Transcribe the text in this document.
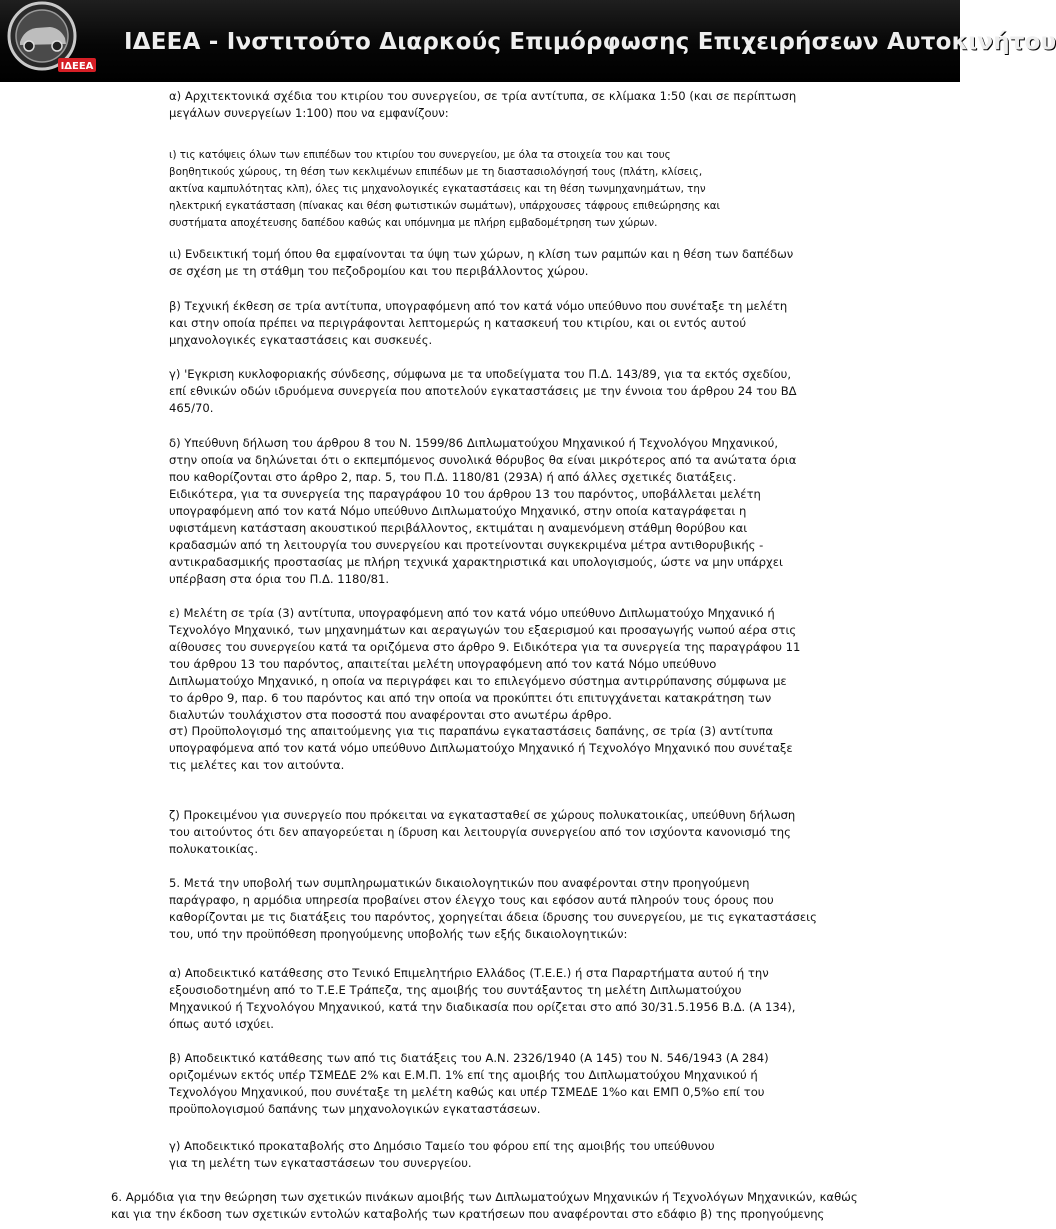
ΙΔΕΕΑ
ΙΔΕΕΑ - Ινστιτούτο Διαρκούς Επιμόρφωσης Επιχειρήσεων Αυτοκινήτου
α) Αρχιτεκτονικά σχέδια του κτιρίου του συνεργείου, σε τρία αντίτυπα, σε κλίμακα 1:50 (και σε περίπτωση
μεγάλων συνεργείων 1:100) που να εμφανίζουν:
ι) τις κατόψεις όλων των επιπέδων του κτιρίου του συνεργείου, με όλα τα στοιχεία του και τους
βοηθητικούς χώρους, τη θέση των κεκλιμένων επιπέδων με τη διαστασιολόγησή τους (πλάτη, κλίσεις,
ακτίνα καμπυλότητας κλπ), όλες τις μηχανολογικές εγκαταστάσεις και τη θέση τωνμηχανημάτων, την
ηλεκτρική εγκατάσταση (πίνακας και θέση φωτιστικών σωμάτων), υπάρχουσες τάφρους επιθεώρησης και
συστήματα αποχέτευσης δαπέδου καθώς και υπόμνημα με πλήρη εμβαδομέτρηση των χώρων.
ιι) Ενδεικτική τομή όπου θα εμφαίνονται τα ύψη των χώρων, η κλίση των ραμπών και η θέση των δαπέδων
σε σχέση με τη στάθμη του πεζοδρομίου και του περιβάλλοντος χώρου.
β) Τεχνική έκθεση σε τρία αντίτυπα, υπογραφόμενη από τον κατά νόμο υπεύθυνο που συνέταξε τη μελέτη
και στην οποία πρέπει να περιγράφονται λεπτομερώς η κατασκευή του κτιρίου, και οι εντός αυτού
μηχανολογικές εγκαταστάσεις και συσκευές.
γ) 'Εγκριση κυκλοφοριακής σύνδεσης, σύμφωνα με τα υποδείγματα του Π.Δ. 143/89, για τα εκτός σχεδίου,
επί εθνικών οδών ιδρυόμενα συνεργεία που αποτελούν εγκαταστάσεις με την έννοια του άρθρου 24 του ΒΔ
465/70.
δ) Υπεύθυνη δήλωση του άρθρου 8 του Ν. 1599/86 Διπλωματούχου Μηχανικού ή Τεχνολόγου Μηχανικού,
στην οποία να δηλώνεται ότι ο εκπεμπόμενος συνολικά θόρυβος θα είναι μικρότερος από τα ανώτατα όρια
που καθορίζονται στο άρθρο 2, παρ. 5, του Π.Δ. 1180/81 (293Α) ή από άλλες σχετικές διατάξεις.
Ειδικότερα, για τα συνεργεία της παραγράφου 10 του άρθρου 13 του παρόντος, υποβάλλεται μελέτη
υπογραφόμενη από τον κατά Νόμο υπεύθυνο Διπλωματούχο Μηχανικό, στην οποία καταγράφεται η
υφιστάμενη κατάσταση ακουστικού περιβάλλοντος, εκτιμάται η αναμενόμενη στάθμη θορύβου και
κραδασμών από τη λειτουργία του συνεργείου και προτείνονται συγκεκριμένα μέτρα αντιθορυβικής -
αντικραδασμικής προστασίας με πλήρη τεχνικά χαρακτηριστικά και υπολογισμούς, ώστε να μην υπάρχει
υπέρβαση στα όρια του Π.Δ. 1180/81.
ε) Μελέτη σε τρία (3) αντίτυπα, υπογραφόμενη από τον κατά νόμο υπεύθυνο Διπλωματούχο Μηχανικό ή
Τεχνολόγο Μηχανικό, των μηχανημάτων και αεραγωγών του εξαερισμού και προσαγωγής νωπού αέρα στις
αίθουσες του συνεργείου κατά τα οριζόμενα στο άρθρο 9. Ειδικότερα για τα συνεργεία της παραγράφου 11
του άρθρου 13 του παρόντος, απαιτείται μελέτη υπογραφόμενη από τον κατά Νόμο υπεύθυνο
Διπλωματούχο Μηχανικό, η οποία να περιγράφει και το επιλεγόμενο σύστημα αντιρρύπανσης σύμφωνα με
το άρθρο 9, παρ. 6 του παρόντος και από την οποία να προκύπτει ότι επιτυγχάνεται κατακράτηση των
διαλυτών τουλάχιστον στα ποσοστά που αναφέρονται στο ανωτέρω άρθρο.
στ) Προϋπολογισμό της απαιτούμενης για τις παραπάνω εγκαταστάσεις δαπάνης, σε τρία (3) αντίτυπα
υπογραφόμενα από τον κατά νόμο υπεύθυνο Διπλωματούχο Μηχανικό ή Τεχνολόγο Μηχανικό που συνέταξε
τις μελέτες και τον αιτούντα.
ζ) Προκειμένου για συνεργείο που πρόκειται να εγκατασταθεί σε χώρους πολυκατοικίας, υπεύθυνη δήλωση
του αιτούντος ότι δεν απαγορεύεται η ίδρυση και λειτουργία συνεργείου από τον ισχύοντα κανονισμό της
πολυκατοικίας.
5. Μετά την υποβολή των συμπληρωματικών δικαιολογητικών που αναφέρονται στην προηγούμενη
παράγραφο, η αρμόδια υπηρεσία προβαίνει στον έλεγχο τους και εφόσον αυτά πληρούν τους όρους που
καθορίζονται με τις διατάξεις του παρόντος, χορηγείται άδεια ίδρυσης του συνεργείου, με τις εγκαταστάσεις
του, υπό την προϋπόθεση προηγούμενης υποβολής των εξής δικαιολογητικών:
α) Αποδεικτικό κατάθεσης στο Τενικό Επιμελητήριο Ελλάδος (Τ.Ε.Ε.) ή στα Παραρτήματα αυτού ή την
εξουσιοδοτημένη από το Τ.Ε.Ε Τράπεζα, της αμοιβής του συντάξαντος τη μελέτη Διπλωματούχου
Μηχανικού ή Τεχνολόγου Μηχανικού, κατά την διαδικασία που ορίζεται στο από 30/31.5.1956 Β.Δ. (Α 134),
όπως αυτό ισχύει.
β) Αποδεικτικό κατάθεσης των από τις διατάξεις του Α.Ν. 2326/1940 (Α 145) του Ν. 546/1943 (Α 284)
οριζομένων εκτός υπέρ ΤΣΜΕΔΕ 2% και Ε.Μ.Π. 1% επί της αμοιβής του Διπλωματούχου Μηχανικού ή
Τεχνολόγου Μηχανικού, που συνέταξε τη μελέτη καθώς και υπέρ ΤΣΜΕΔΕ 1%ο και ΕΜΠ 0,5%ο επί του
προϋπολογισμού δαπάνης των μηχανολογικών εγκαταστάσεων.
γ) Αποδεικτικό προκαταβολής στο Δημόσιο Ταμείο του φόρου επί της αμοιβής του υπεύθυνου
για τη μελέτη των εγκαταστάσεων του συνεργείου.
6. Αρμόδια για την θεώρηση των σχετικών πινάκων αμοιβής των Διπλωματούχων Μηχανικών ή Τεχνολόγων Μηχανικών, καθώς
και για την έκδοση των σχετικών εντολών καταβολής των κρατήσεων που αναφέρονται στο εδάφιο β) της προηγούμενης
